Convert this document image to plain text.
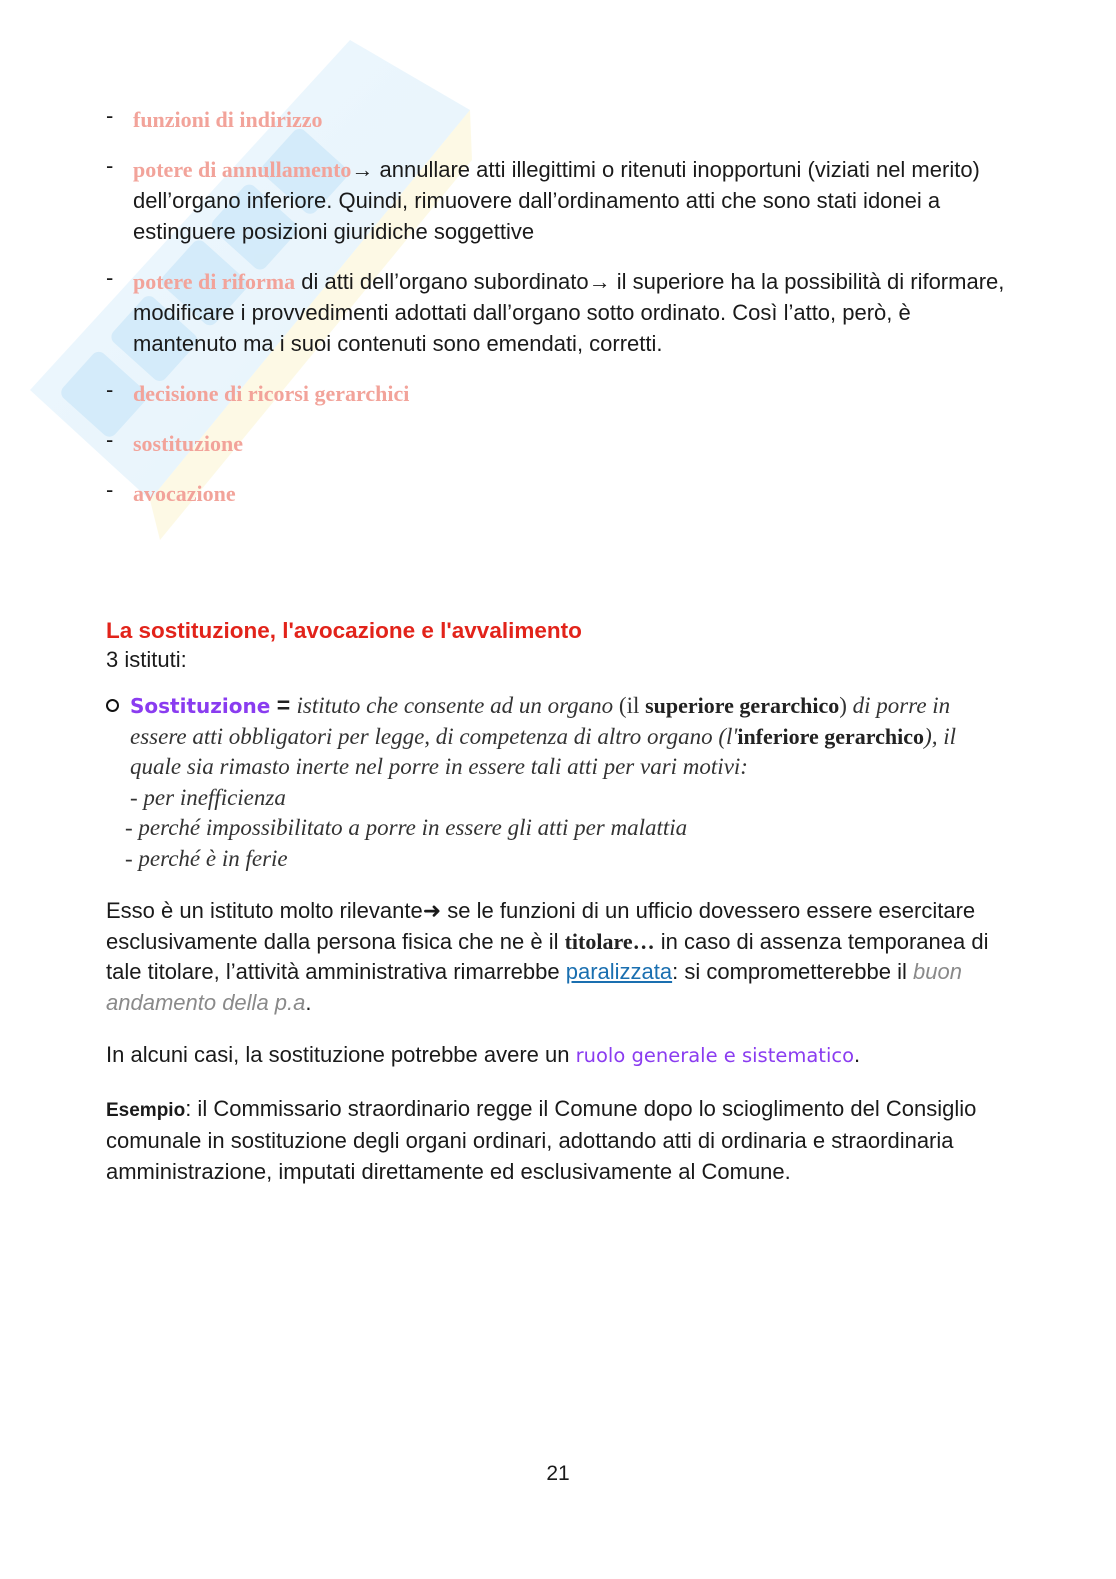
- funzioni di indirizzo
- potere di annullamento→ annullare atti illegittimi o ritenuti inopportuni (viziati nel merito) dell’organo inferiore. Quindi, rimuovere dall’ordinamento atti che sono stati idonei a estinguere posizioni giuridiche soggettive
- potere di riforma di atti dell’organo subordinato→ il superiore ha la possibilità di riformare, modificare i provvedimenti adottati dall’organo sotto ordinato. Così l’atto, però, è mantenuto ma i suoi contenuti sono emendati, corretti.
- decisione di ricorsi gerarchici
- sostituzione
- avocazione
La sostituzione, l'avocazione e l'avvalimento
3 istituti:
Sostituzione = istituto che consente ad un organo (il superiore gerarchico) di porre in essere atti obbligatori per legge, di competenza di altro organo (l'inferiore gerarchico), il quale sia rimasto inerte nel porre in essere tali atti per vari motivi:
- per inefficienza
- perché impossibilitato a porre in essere gli atti per malattia
- perché è in ferie

Esso è un istituto molto rilevante➜ se le funzioni di un ufficio dovessero essere esercitare esclusivamente dalla persona fisica che ne è il titolare… in caso di assenza temporanea di tale titolare, l’attività amministrativa rimarrebbe paralizzata: si comprometterebbe il buon andamento della p.a.

In alcuni casi, la sostituzione potrebbe avere un ruolo generale e sistematico.

Esempio: il Commissario straordinario regge il Comune dopo lo scioglimento del Consiglio comunale in sostituzione degli organi ordinari, adottando atti di ordinaria e straordinaria amministrazione, imputati direttamente ed esclusivamente al Comune.

21
